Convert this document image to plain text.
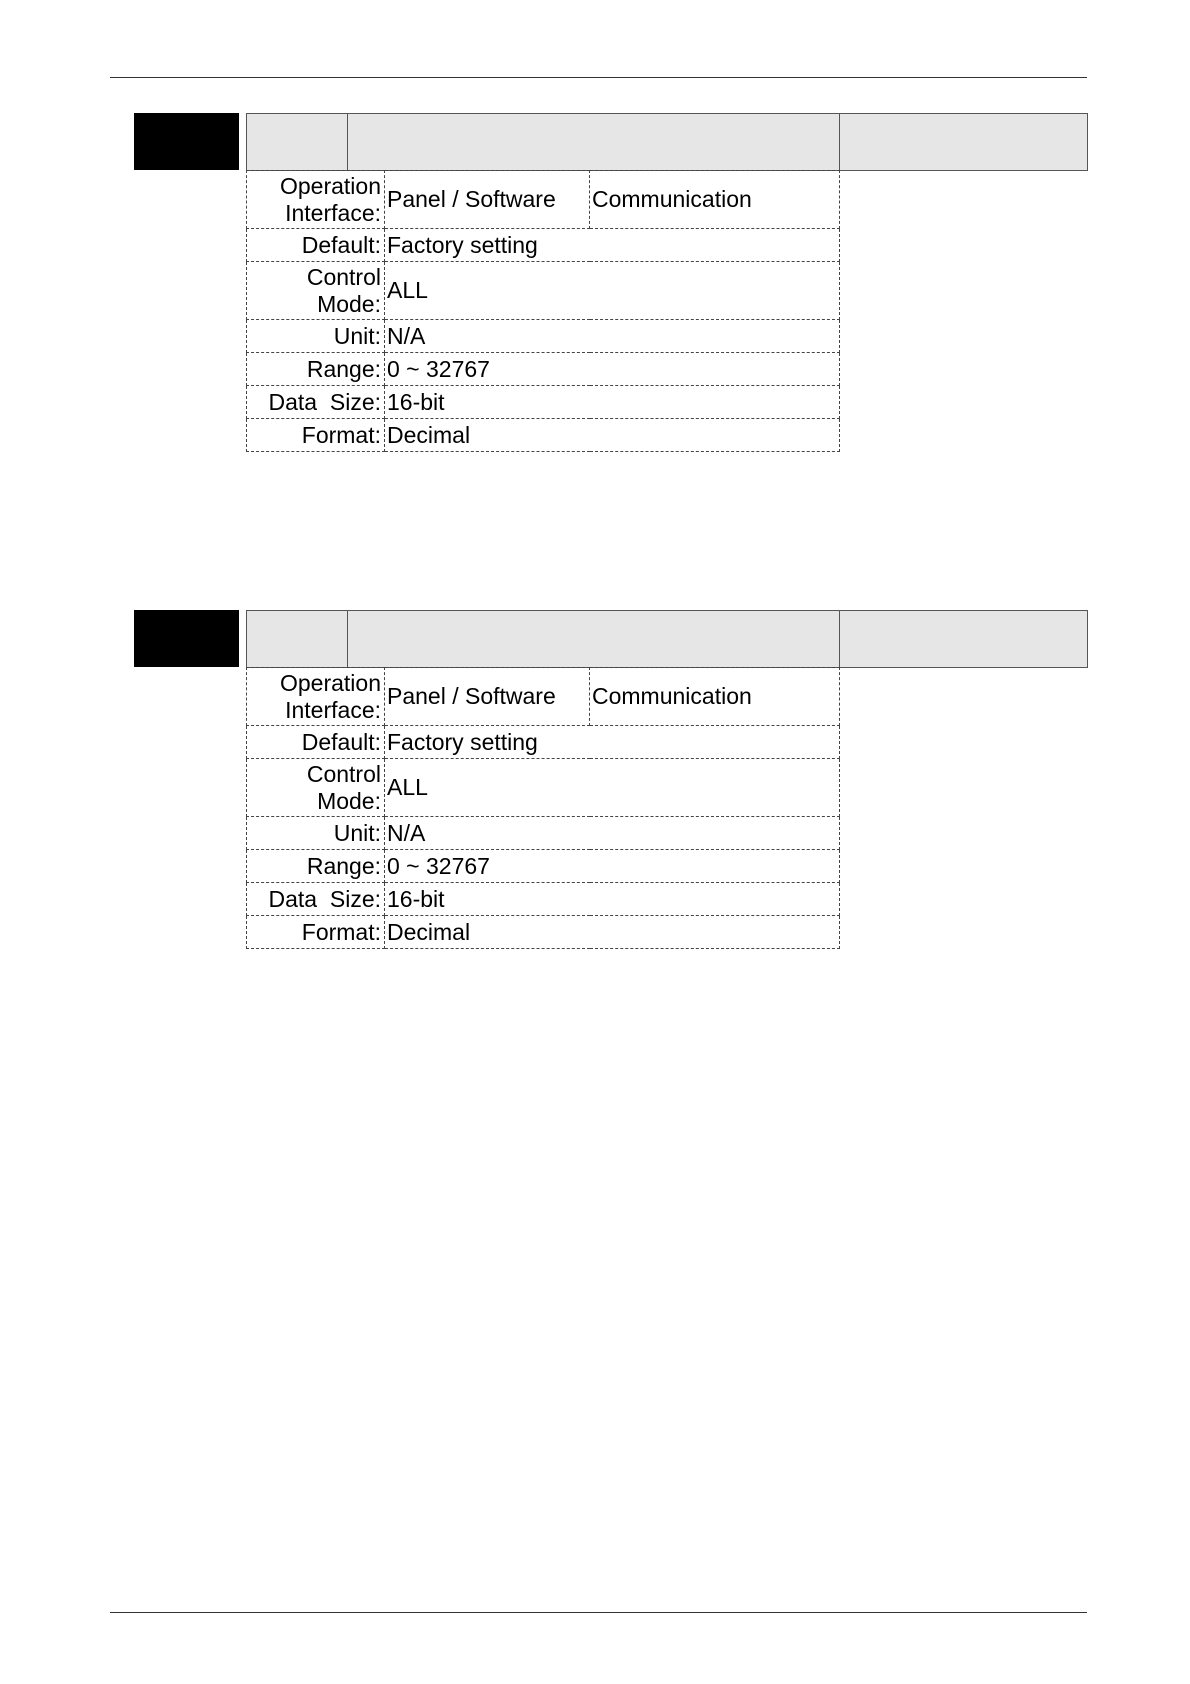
Operation Interface:	Panel / Software	Communication
Default:	Factory setting	
Control Mode:	ALL	
Unit:	N/A	
Range:	0 ~ 32767	
Data  Size:	16-bit	
Format:	Decimal	
Operation Interface:	Panel / Software	Communication
Default:	Factory setting	
Control Mode:	ALL	
Unit:	N/A	
Range:	0 ~ 32767	
Data  Size:	16-bit	
Format:	Decimal	
